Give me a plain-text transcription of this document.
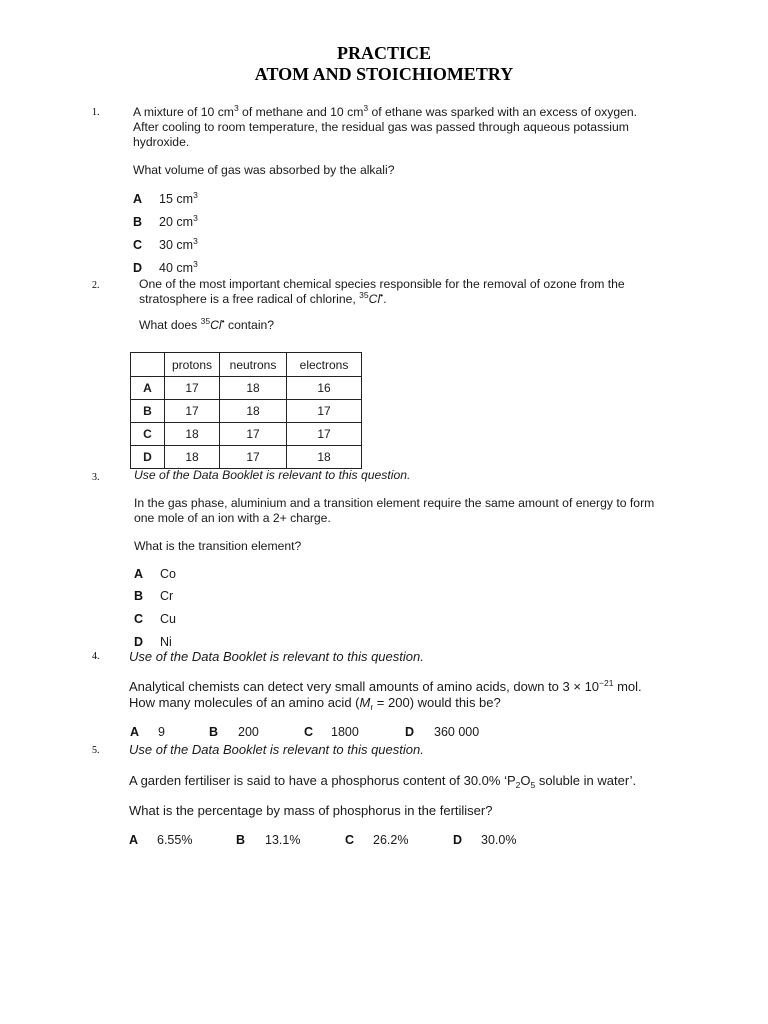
PRACTICE
ATOM AND STOICHIOMETRY
1.	A mixture of 10 $cm^3$ of methane and 10 $cm^3$ of ethane was sparked with an excess of oxygen.
After cooling to room temperature, the residual gas was passed through aqueous potassium
hydroxide.
What volume of gas was absorbed by the alkali?
A 15 $cm^3$
B 20 $cm^3$
C 30 $cm^3$
D 40 $cm^3$
2.	One of the most important chemical species responsible for the removal of ozone from the
stratosphere is a free radical of chlorine, $^{35}$Cl•.
What does $^{35}$Cl• contain?
	protons	neutrons	electrons
A	17	18	16
B	17	18	17
C	18	17	17
D	18	17	18
3.	Use of the Data Booklet is relevant to this question.
In the gas phase, aluminium and a transition element require the same amount of energy to form
one mole of an ion with a 2+ charge.
What is the transition element?
A Co
B Cr
C Cu
D Ni
4. Use of the Data Booklet is relevant to this question.
Analytical chemists can detect very small amounts of amino acids, down to $3 \times 10^{-21}$ mol.
How many molecules of an amino acid $(M_r = 200)$ would this be?
A 9	B 200	C 1800	D 360 000
5. Use of the Data Booklet is relevant to this question.
A garden fertiliser is said to have a phosphorus content of 30.0% ‘$P_2O_5$ soluble in water’.
What is the percentage by mass of phosphorus in the fertiliser?
A 6.55%	B 13.1%	C 26.2%	D 30.0%
